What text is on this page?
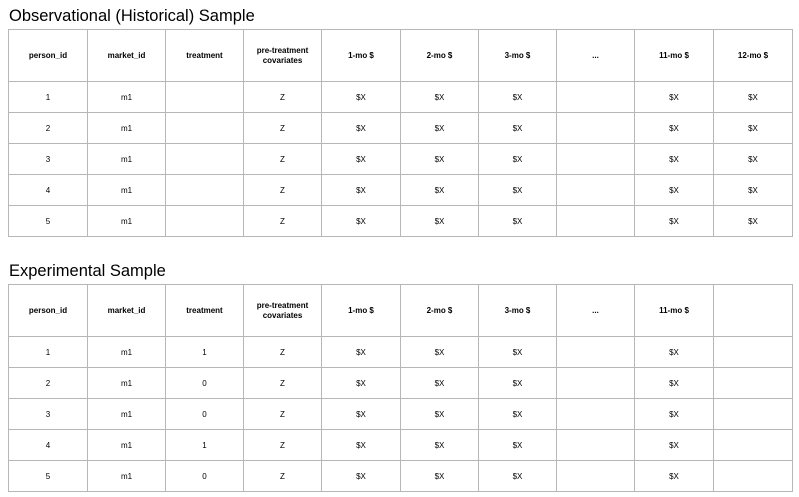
Observational (Historical) Sample
person_id	market_id	treatment	pre-treatment covariates	1-mo $	2-mo $	3-mo $	...	11-mo $	12-mo $
1	m1		Z	$X	$X	$X		$X	$X
2	m1		Z	$X	$X	$X		$X	$X
3	m1		Z	$X	$X	$X		$X	$X
4	m1		Z	$X	$X	$X		$X	$X
5	m1		Z	$X	$X	$X		$X	$X
Experimental Sample
person_id	market_id	treatment	pre-treatment covariates	1-mo $	2-mo $	3-mo $	...	11-mo $	
1	m1	1	Z	$X	$X	$X		$X	
2	m1	0	Z	$X	$X	$X		$X	
3	m1	0	Z	$X	$X	$X		$X	
4	m1	1	Z	$X	$X	$X		$X	
5	m1	0	Z	$X	$X	$X		$X	
